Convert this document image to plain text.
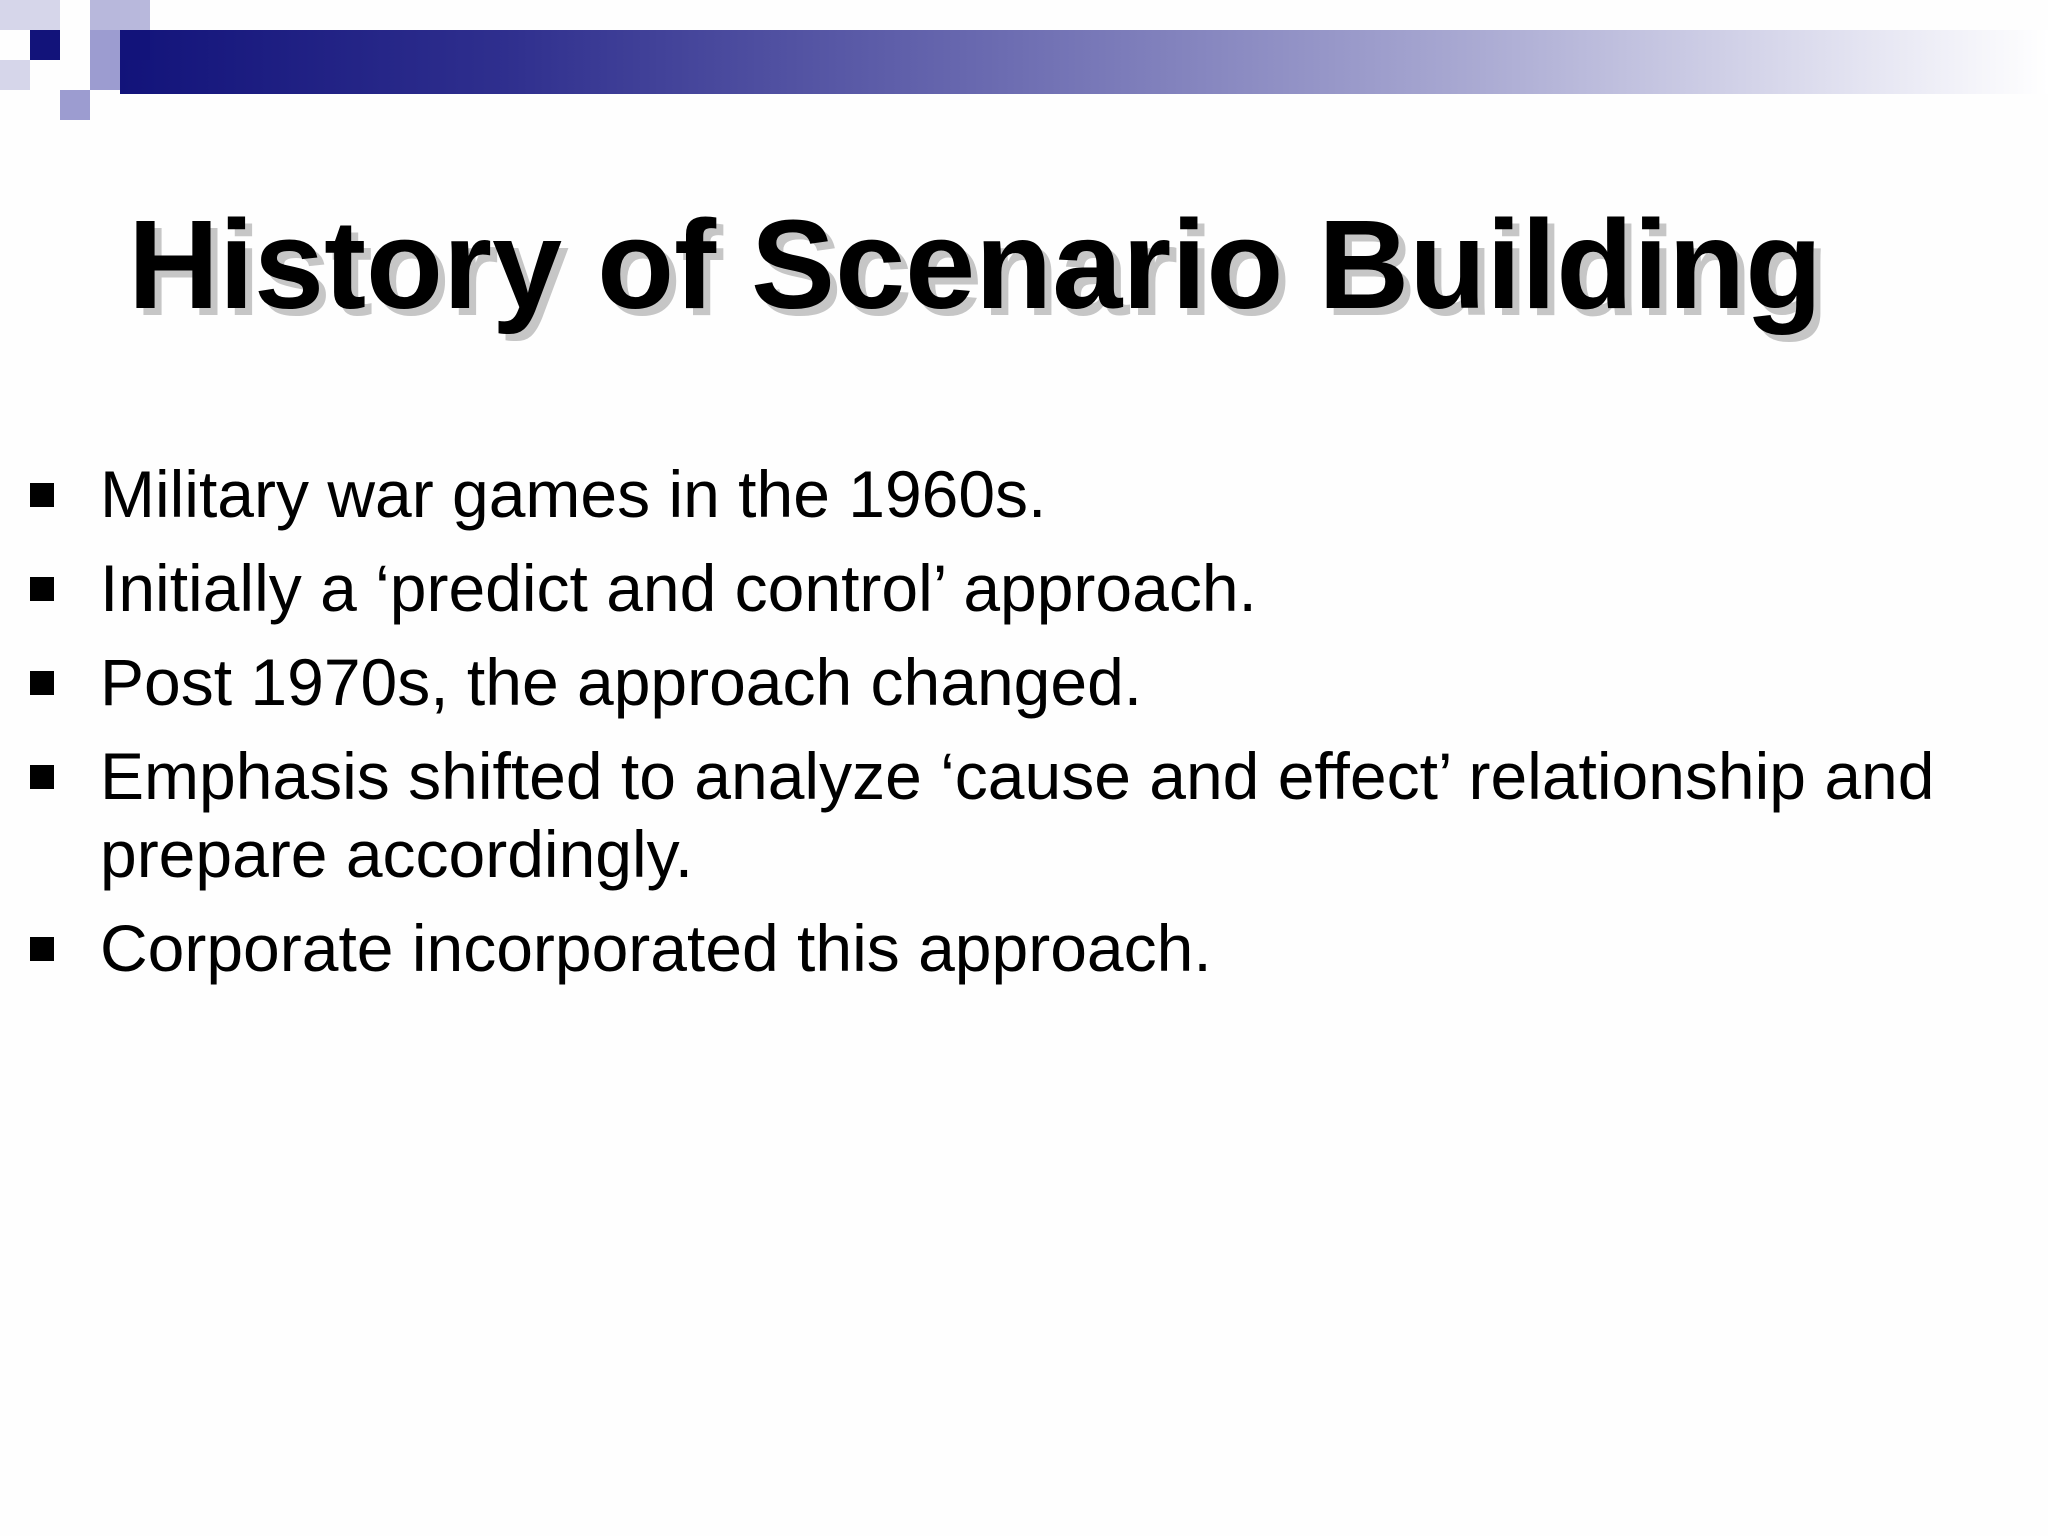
History of Scenario Building
Military war games in the 1960s.
Initially a ‘predict and control’ approach.
Post 1970s, the approach changed.
Emphasis shifted to analyze ‘cause and effect’ relationship and prepare accordingly.
Corporate incorporated this approach.
